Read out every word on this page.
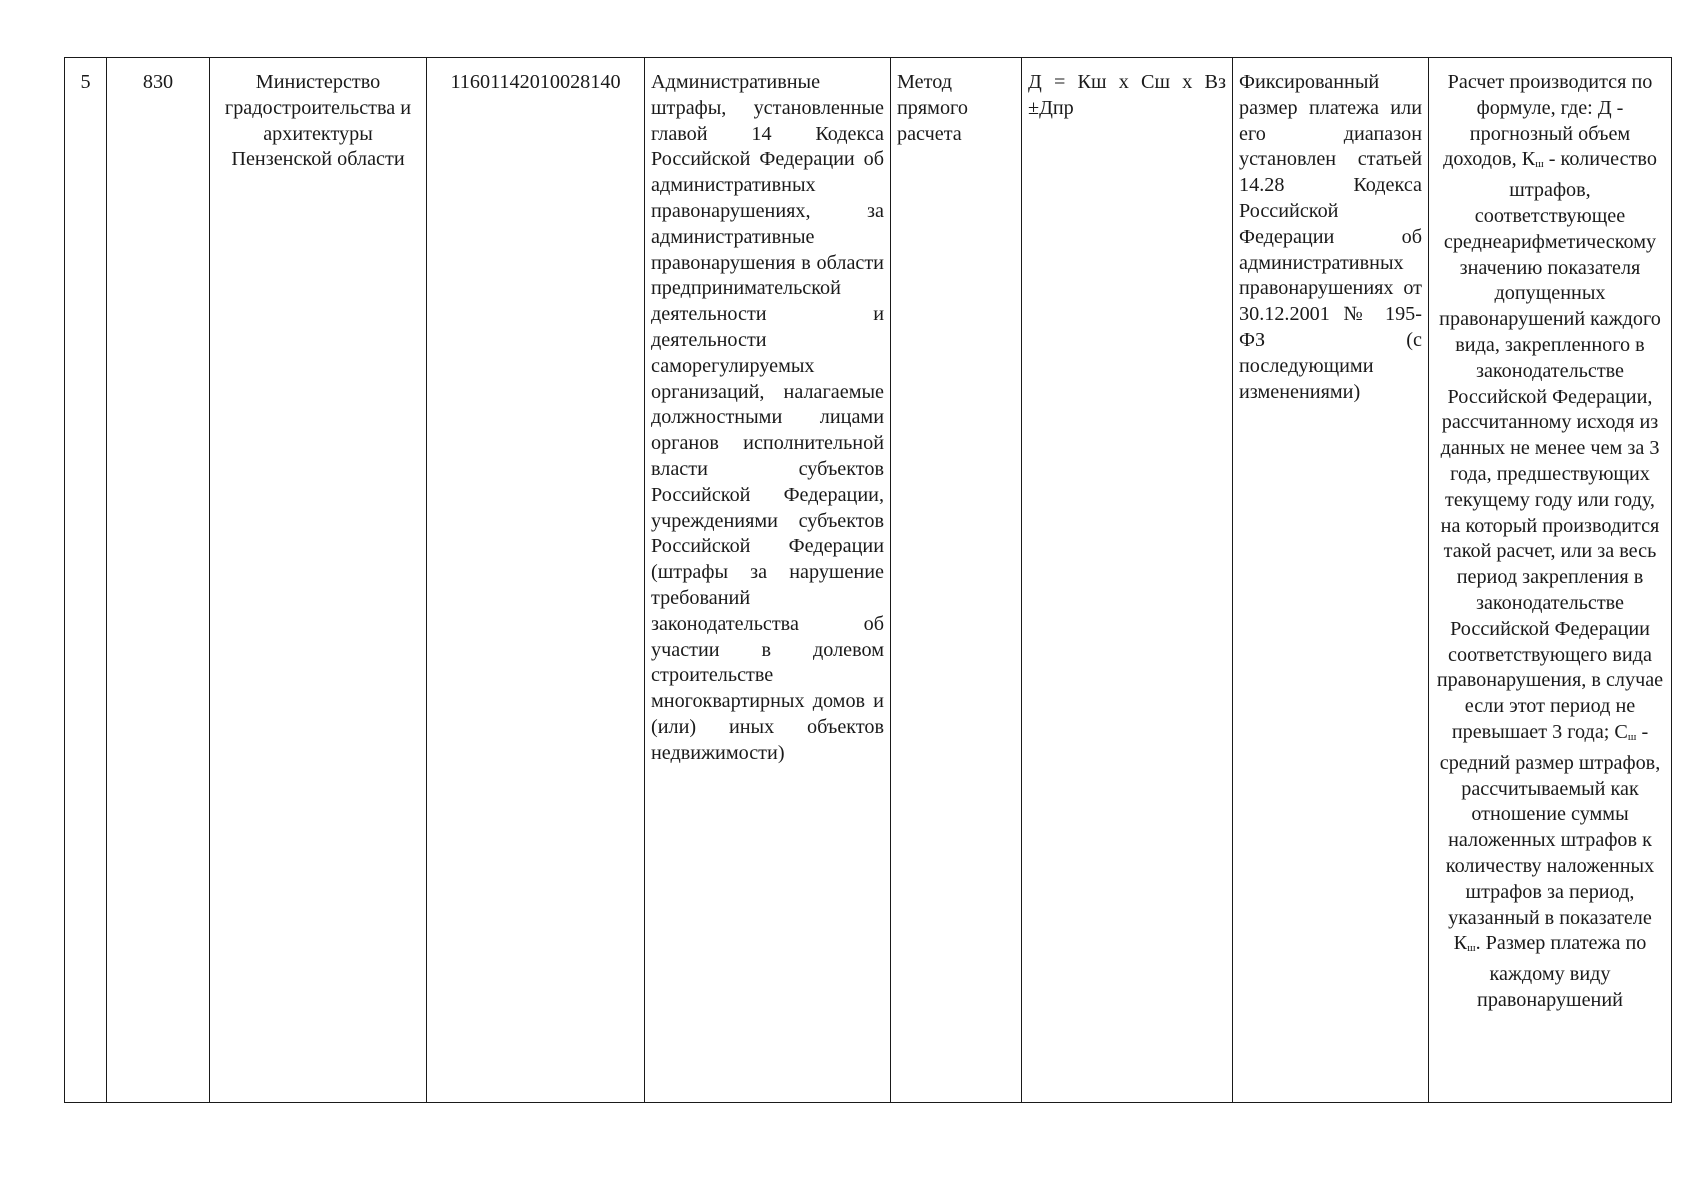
5	830	Министерство градостроительства и архитектуры Пензенской области	11601142010028140	Административные штрафы, установленные главой 14 Кодекса Российской Федерации об административных правонарушениях, за административные правонарушения в области предпринимательской деятельности и деятельности саморегулируемых организаций, налагаемые должностными лицами органов исполнительной власти субъектов Российской Федерации, учреждениями субъектов Российской Федерации (штрафы за нарушение требований законодательства об участии в долевом строительстве многоквартирных домов и (или) иных объектов недвижимости)	Метод прямого расчета	Д = Кш х Сш х Вз ±Дпр	Фиксированный размер платежа или его диапазон установлен статьей 14.28 Кодекса Российской Федерации об административных правонарушениях от 30.12.2001 № 195-ФЗ (с последующими изменениями)	Расчет производится по формуле, где: Д - прогнозный объем доходов, $К_ш$ - количество штрафов, соответствующее среднеарифметическому значению показателя допущенных правонарушений каждого вида, закрепленного в законодательстве Российской Федерации, рассчитанному исходя из данных не менее чем за 3 года, предшествующих текущему году или году, на который производится такой расчет, или за весь период закрепления в законодательстве Российской Федерации соответствующего вида правонарушения, в случае если этот период не превышает 3 года; $С_ш$ - средний размер штрафов, рассчитываемый как отношение суммы наложенных штрафов к количеству наложенных штрафов за период, указанный в показателе $К_ш$. Размер платежа по каждому виду правонарушений
